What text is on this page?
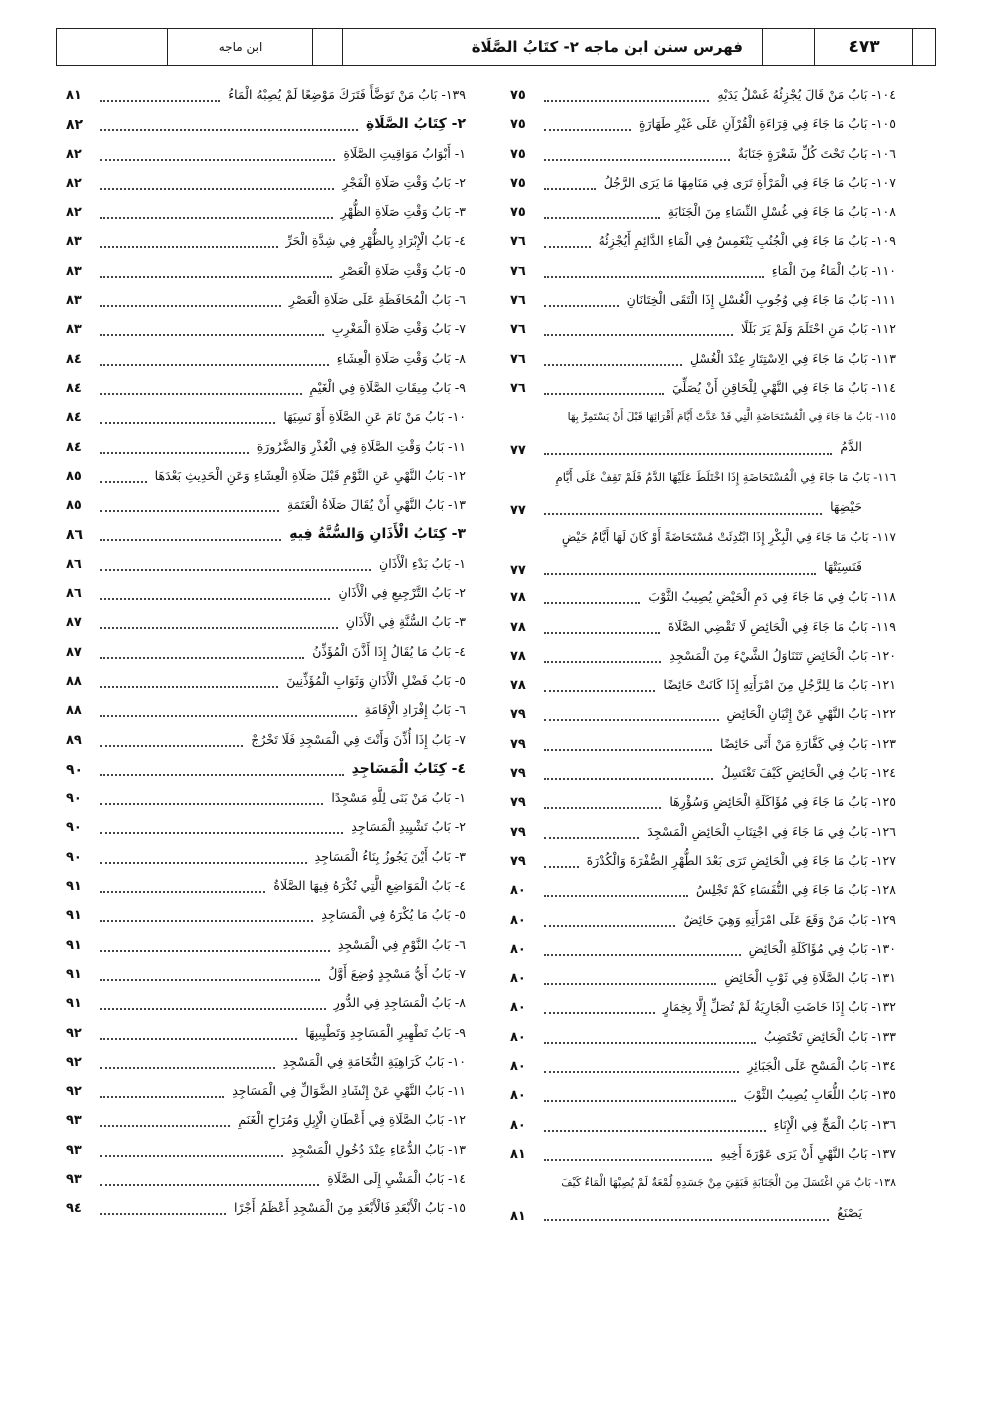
٤٧٣
فهرس سنن ابن ماجه ٢- كتَابُ الصَّلَاة
ابن ماجه
١٠٤- بَابُ مَنْ قَالَ يُجْزِئُهُ غَسْلُ يَدَيْهِ
٧٥
١٠٥- بَابُ مَا جَاءَ فِي قِرَاءَةِ الْقُرْآنِ عَلَى غَيْرِ طَهَارَةٍ
٧٥
١٠٦- بَابُ تَحْتَ كُلِّ شَعْرَةٍ جَنَابَةٌ
٧٥
١٠٧- بَابُ مَا جَاءَ فِي الْمَرْأَةِ تَرَى فِي مَنَامِهَا مَا يَرَى الرَّجُلُ
٧٥
١٠٨- بَابُ مَا جَاءَ فِي غُسْلِ النِّسَاءِ مِنَ الْجَنَابَةِ
٧٥
١٠٩- بَابُ مَا جَاءَ فِي الْجُنُبِ يَنْغَمِسُ فِي الْمَاءِ الدَّائِمِ أَيُجْزِئُهُ
٧٦
١١٠- بَابُ الْمَاءُ مِنَ الْمَاءِ
٧٦
١١١- بَابُ مَا جَاءَ فِي وُجُوبِ الْغُسْلِ إِذَا الْتَقَى الْخِتَانَانِ
٧٦
١١٢- بَابُ مَنِ احْتَلَمَ وَلَمْ يَرَ بَلَلًا
٧٦
١١٣- بَابُ مَا جَاءَ فِي الِاسْتِتَارِ عِنْدَ الْغُسْلِ
٧٦
١١٤- بَابُ مَا جَاءَ فِي النَّهْيِ لِلْحَاقِنِ أَنْ يُصَلِّيَ
٧٦
١١٥- بَابُ مَا جَاءَ فِي الْمُسْتَحَاضَةِ الَّتِي قَدْ عَدَّتْ أَيَّامَ أَقْرَائِهَا قَبْلَ أَنْ يَسْتَمِرَّ بِهَا
الدَّمُ
٧٧
١١٦- بَابُ مَا جَاءَ فِي الْمُسْتَحَاضَةِ إِذَا اخْتَلَطَ عَلَيْهَا الدَّمُ فَلَمْ تَقِفْ عَلَى أَيَّامِ
حَيْضِهَا
٧٧
١١٧- بَابُ مَا جَاءَ فِي الْبِكْرِ إِذَا ابْتُدِئَتْ مُسْتَحَاضَةً أَوْ كَانَ لَهَا أَيَّامُ حَيْضٍ
فَنَسِيَتْهَا
٧٧
١١٨- بَابُ فِي مَا جَاءَ فِي دَمِ الْحَيْضِ يُصِيبُ الثَّوْبَ
٧٨
١١٩- بَابُ مَا جَاءَ فِي الْحَائِضِ لَا تَقْضِي الصَّلَاةَ
٧٨
١٢٠- بَابُ الْحَائِضِ تَتَنَاوَلُ الشَّيْءَ مِنَ الْمَسْجِدِ
٧٨
١٢١- بَابُ مَا لِلرَّجُلِ مِنَ امْرَأَتِهِ إِذَا كَانَتْ حَائِضًا
٧٨
١٢٢- بَابُ النَّهْيِ عَنْ إِتْيَانِ الْحَائِضِ
٧٩
١٢٣- بَابُ فِي كَفَّارَةِ مَنْ أَتَى حَائِضًا
٧٩
١٢٤- بَابُ فِي الْحَائِضِ كَيْفَ تَغْتَسِلُ
٧٩
١٢٥- بَابُ مَا جَاءَ فِي مُؤَاكَلَةِ الْحَائِضِ وَسُؤْرِهَا
٧٩
١٢٦- بَابُ فِي مَا جَاءَ فِي اجْتِنَابِ الْحَائِضِ الْمَسْجِدَ
٧٩
١٢٧- بَابُ مَا جَاءَ فِي الْحَائِضِ تَرَى بَعْدَ الطُّهْرِ الصُّفْرَةَ وَالْكُدْرَةَ
٧٩
١٢٨- بَابُ مَا جَاءَ فِي النُّفَسَاءِ كَمْ تَجْلِسُ
٨٠
١٢٩- بَابُ مَنْ وَقَعَ عَلَى امْرَأَتِهِ وَهِيَ حَائِضٌ
٨٠
١٣٠- بَابُ فِي مُؤَاكَلَةِ الْحَائِضِ
٨٠
١٣١- بَابُ الصَّلَاةِ فِي ثَوْبِ الْحَائِضِ
٨٠
١٣٢- بَابُ إِذَا حَاضَتِ الْجَارِيَةُ لَمْ تُصَلِّ إِلَّا بِخِمَارٍ
٨٠
١٣٣- بَابُ الْحَائِضِ تَخْتَضِبُ
٨٠
١٣٤- بَابُ الْمَسْحِ عَلَى الْجَبَائِرِ
٨٠
١٣٥- بَابُ اللُّعَابِ يُصِيبُ الثَّوْبَ
٨٠
١٣٦- بَابُ الْمَجِّ فِي الْإِنَاءِ
٨٠
١٣٧- بَابُ النَّهْيِ أَنْ يَرَى عَوْرَةَ أَخِيهِ
٨١
١٣٨- بَابُ مَنِ اغْتَسَلَ مِنَ الْجَنَابَةِ فَبَقِيَ مِنْ جَسَدِهِ لُمْعَةٌ لَمْ يُصِبْهَا الْمَاءُ كَيْفَ
يَصْنَعُ
٨١
١٣٩- بَابُ مَنْ تَوَضَّأَ فَتَرَكَ مَوْضِعًا لَمْ يُصِبْهُ الْمَاءُ
٨١
٢- كِتَابُ الصَّلَاةِ
٨٢
١- أَبْوَابُ مَوَاقِيتِ الصَّلَاةِ
٨٢
٢- بَابُ وَقْتِ صَلَاةِ الْفَجْرِ
٨٢
٣- بَابُ وَقْتِ صَلَاةِ الظُّهْرِ
٨٢
٤- بَابُ الْإِبْرَادِ بِالظُّهْرِ فِي شِدَّةِ الْحَرِّ
٨٣
٥- بَابُ وَقْتِ صَلَاةِ الْعَصْرِ
٨٣
٦- بَابُ الْمُحَافَظَةِ عَلَى صَلَاةِ الْعَصْرِ
٨٣
٧- بَابُ وَقْتِ صَلَاةِ الْمَغْرِبِ
٨٣
٨- بَابُ وَقْتِ صَلَاةِ الْعِشَاءِ
٨٤
٩- بَابُ مِيقَاتِ الصَّلَاةِ فِي الْغَيْمِ
٨٤
١٠- بَابُ مَنْ نَامَ عَنِ الصَّلَاةِ أَوْ نَسِيَهَا
٨٤
١١- بَابُ وَقْتِ الصَّلَاةِ فِي الْعُذْرِ وَالضَّرُورَةِ
٨٤
١٢- بَابُ النَّهْيِ عَنِ النَّوْمِ قَبْلَ صَلَاةِ الْعِشَاءِ وَعَنِ الْحَدِيثِ بَعْدَهَا
٨٥
١٣- بَابُ النَّهْيِ أَنْ يُقَالَ صَلَاةُ الْعَتَمَةِ
٨٥
٣- كِتَابُ الْأَذَانِ وَالسُّنَّةُ فِيهِ
٨٦
١- بَابُ بَدْءِ الْأَذَانِ
٨٦
٢- بَابُ التَّرْجِيعِ فِي الْأَذَانِ
٨٦
٣- بَابُ السُّنَّةِ فِي الْأَذَانِ
٨٧
٤- بَابُ مَا يُقَالُ إِذَا أَذَّنَ الْمُؤَذِّنُ
٨٧
٥- بَابُ فَضْلِ الْأَذَانِ وَثَوَابِ الْمُؤَذِّنِينَ
٨٨
٦- بَابُ إِفْرَادِ الْإِقَامَةِ
٨٨
٧- بَابُ إِذَا أُذِّنَ وَأَنْتَ فِي الْمَسْجِدِ فَلَا تَخْرُجْ
٨٩
٤- كِتَابُ الْمَسَاجِدِ
٩٠
١- بَابُ مَنْ بَنَى لِلَّهِ مَسْجِدًا
٩٠
٢- بَابُ تَشْيِيدِ الْمَسَاجِدِ
٩٠
٣- بَابُ أَيْنَ يَجُوزُ بِنَاءُ الْمَسَاجِدِ
٩٠
٤- بَابُ الْمَوَاضِعِ الَّتِي تُكْرَهُ فِيهَا الصَّلَاةُ
٩١
٥- بَابُ مَا يُكْرَهُ فِي الْمَسَاجِدِ
٩١
٦- بَابُ النَّوْمِ فِي الْمَسْجِدِ
٩١
٧- بَابُ أَيُّ مَسْجِدٍ وُضِعَ أَوَّلُ
٩١
٨- بَابُ الْمَسَاجِدِ فِي الدُّورِ
٩١
٩- بَابُ تَطْهِيرِ الْمَسَاجِدِ وَتَطْيِيبِهَا
٩٢
١٠- بَابُ كَرَاهِيَةِ النُّخَامَةِ فِي الْمَسْجِدِ
٩٢
١١- بَابُ النَّهْيِ عَنْ إِنْشَادِ الضَّوَالِّ فِي الْمَسَاجِدِ
٩٢
١٢- بَابُ الصَّلَاةِ فِي أَعْطَانِ الْإِبِلِ وَمُرَاحِ الْغَنَمِ
٩٣
١٣- بَابُ الدُّعَاءِ عِنْدَ دُخُولِ الْمَسْجِدِ
٩٣
١٤- بَابُ الْمَشْيِ إِلَى الصَّلَاةِ
٩٣
١٥- بَابُ الْأَبْعَدِ فَالْأَبْعَدِ مِنَ الْمَسْجِدِ أَعْظَمُ أَجْرًا
٩٤
